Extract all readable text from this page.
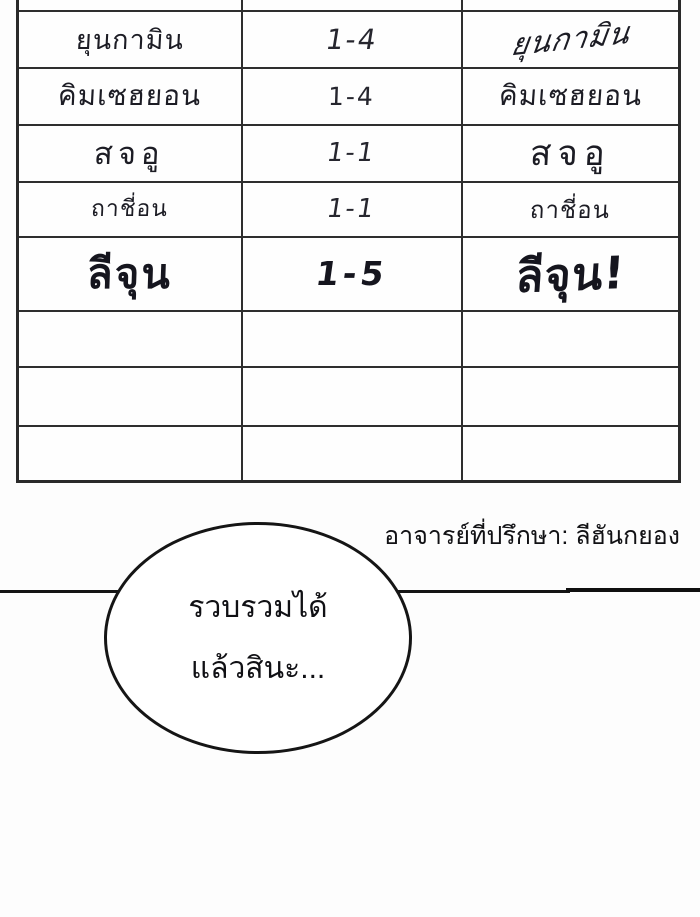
ยุนกามิน	1-4	ยุนกามิน
คิมเซฮยอน	1-4	คิมเซฮยอน
สจอู	1-1	สจอู
ถาชี่อน	1-1	ถาชี่อน
ลีจุน	1-5	ลีจุน!

อาจารย์ที่ปรึกษา: ลีฮันกยอง
รวบรวมได้
แล้วสินะ...
